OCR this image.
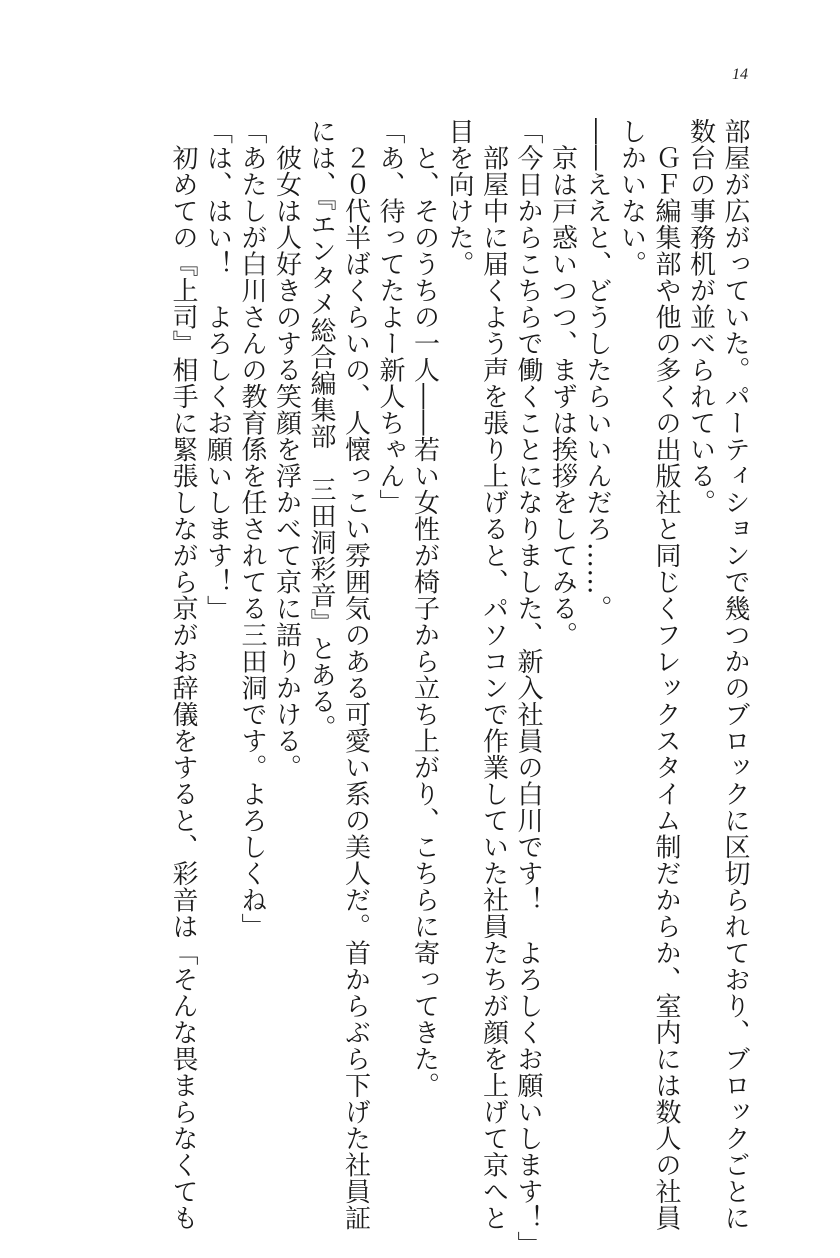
14
部屋が広がっていた。パーティションで幾つかのブロックに区切られており、ブロックごとに
数台の事務机が並べられている。
　ＧＦ編集部や他の多くの出版社と同じくフレックスタイム制だからか、室内には数人の社員
しかいない。
――ええと、どうしたらいいんだろ……。
　京は戸惑いつつ、まずは挨拶をしてみる。
「今日からこちらで働くことになりました、新入社員の白川です！　よろしくお願いします！」
　部屋中に届くよう声を張り上げると、パソコンで作業していた社員たちが顔を上げて京へと
目を向けた。
　と、そのうちの一人――若い女性が椅子から立ち上がり、こちらに寄ってきた。
「あ、待ってたよー新人ちゃん」
　２０代半ばくらいの、人懐っこい雰囲気のある可愛い系の美人だ。首からぶら下げた社員証
には、『エンタメ総合編集部　三田洞彩音』とある。
　彼女は人好きのする笑顔を浮かべて京に語りかける。
「あたしが白川さんの教育係を任されてる三田洞です。よろしくね」
「は、はい！　よろしくお願いします！」
　初めての『上司』相手に緊張しながら京がお辞儀をすると、彩音は「そんな畏まらなくても
